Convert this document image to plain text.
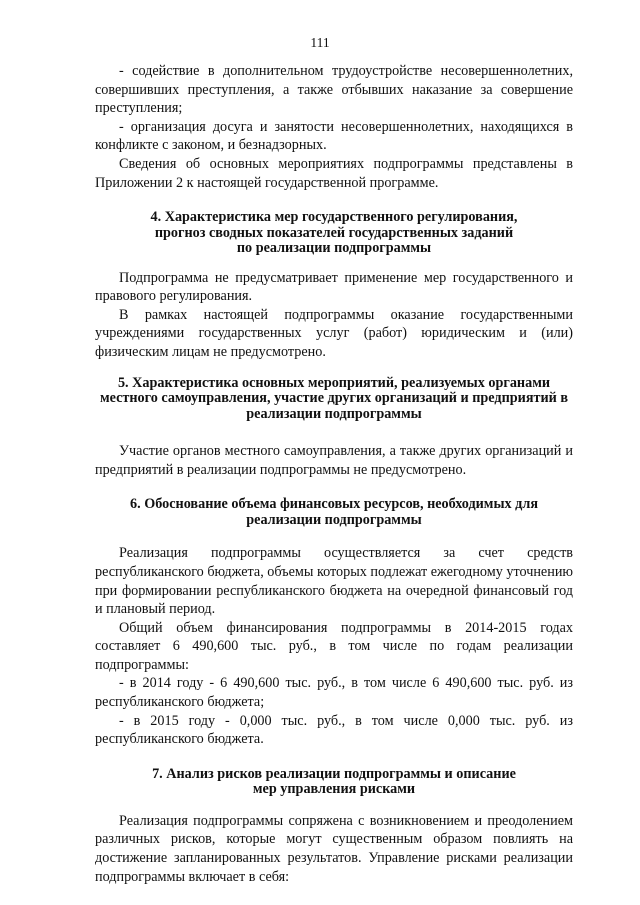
111

- содействие в дополнительном трудоустройстве несовершеннолетних, совершивших преступления, а также отбывших наказание за совершение преступления;

- организация досуга и занятости несовершеннолетних, находящихся в конфликте с законом, и безнадзорных.

Сведения об основных мероприятиях подпрограммы представлены в Приложении 2 к настоящей государственной программе.

4. Характеристика мер государственного регулирования,
прогноз сводных показателей государственных заданий
по реализации подпрограммы

Подпрограмма не предусматривает применение мер государственного и правового регулирования.

В рамках настоящей подпрограммы оказание государственными учреждениями государственных услуг (работ) юридическим и (или) физическим лицам не предусмотрено.

5. Характеристика основных мероприятий, реализуемых органами
местного самоуправления, участие других организаций и предприятий в
реализации подпрограммы

Участие органов местного самоуправления, а также других организаций и предприятий в реализации подпрограммы не предусмотрено.

6. Обоснование объема финансовых ресурсов, необходимых для
реализации подпрограммы

Реализация подпрограммы осуществляется за счет средств республиканского бюджета, объемы которых подлежат ежегодному уточнению при формировании республиканского бюджета на очередной финансовый год и плановый период.

Общий объем финансирования подпрограммы в 2014-2015 годах составляет 6 490,600 тыс. руб., в том числе по годам реализации подпрограммы:

- в 2014 году - 6 490,600 тыс. руб., в том числе 6 490,600 тыс. руб. из республиканского бюджета;

- в 2015 году - 0,000 тыс. руб., в том числе 0,000 тыс. руб. из республиканского бюджета.

7. Анализ рисков реализации подпрограммы и описание
мер управления рисками

Реализация подпрограммы сопряжена с возникновением и преодолением различных рисков, которые могут существенным образом повлиять на достижение запланированных результатов. Управление рисками реализации подпрограммы включает в себя:
